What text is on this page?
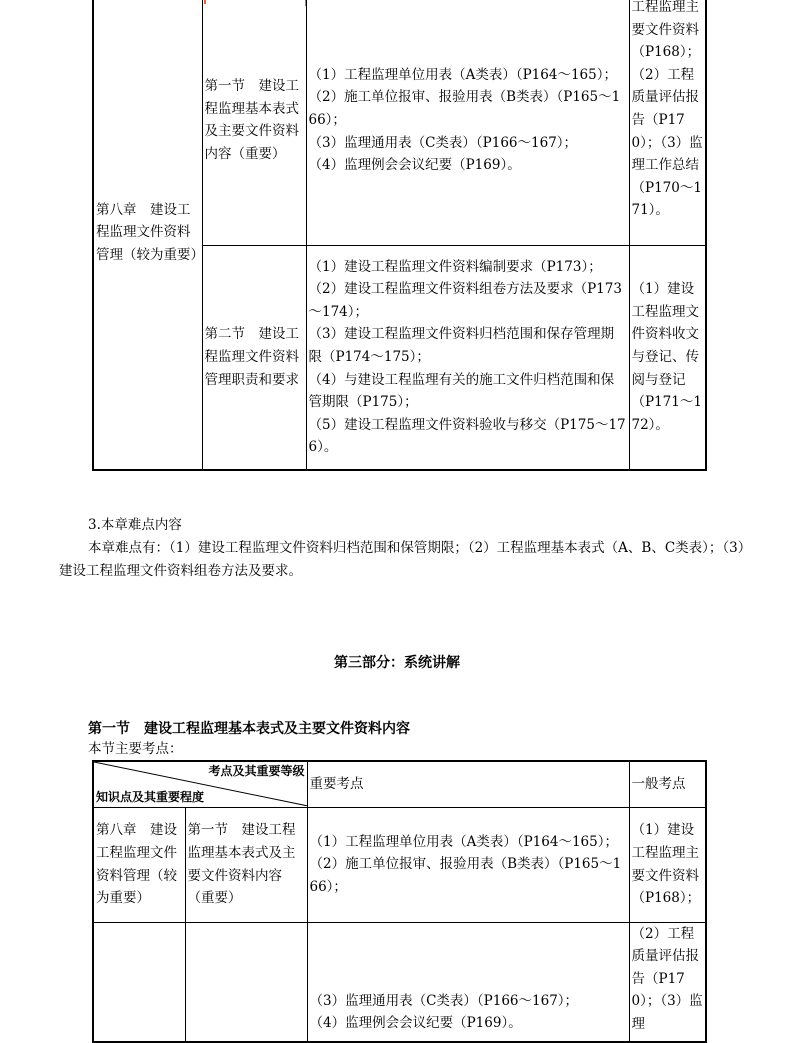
第八章　建设工程监理文件资料管理（较为重要）	第一节　建设工程监理基本表式及主要文件资料内容（重要）	（1）工程监理单位用表（A类表）（P164～165）；
（2）施工单位报审、报验用表（B类表）（P165～166）；
（3）监理通用表（C类表）（P166～167）；
（4）监理例会会议纪要（P169）。	工程监理主要文件资料（P168）；（2）工程质量评估报告（P170）；（3）监理工作总结（P170～171）。
	第二节　建设工程监理文件资料管理职责和要求	（1）建设工程监理文件资料编制要求（P173）；
（2）建设工程监理文件资料组卷方法及要求（P173～174）；
（3）建设工程监理文件资料归档范围和保存管理期限（P174～175）；
（4）与建设工程监理有关的施工文件归档范围和保管期限（P175）；
（5）建设工程监理文件资料验收与移交（P175～176）。	（1）建设工程监理文件资料收文与登记、传阅与登记（P171～172）。
3.本章难点内容
本章难点有：（1）建设工程监理文件资料归档范围和保管期限；（2）工程监理基本表式（A、B、C类表）；（3）建设工程监理文件资料组卷方法及要求。
第三部分：系统讲解
第一节　建设工程监理基本表式及主要文件资料内容
本节主要考点：
考点及其重要等级
知识点及其重要程度		重要考点	一般考点
第八章　建设工程监理文件资料管理（较为重要）	第一节　建设工程监理基本表式及主要文件资料内容（重要）	（1）工程监理单位用表（A类表）（P164～165）；
（2）施工单位报审、报验用表（B类表）（P165～166）；	（1）建设工程监理主要文件资料（P168）；

		（3）监理通用表（C类表）（P166～167）；
（4）监理例会会议纪要（P169）。	（2）工程质量评估报告（P170）；（3）监理
